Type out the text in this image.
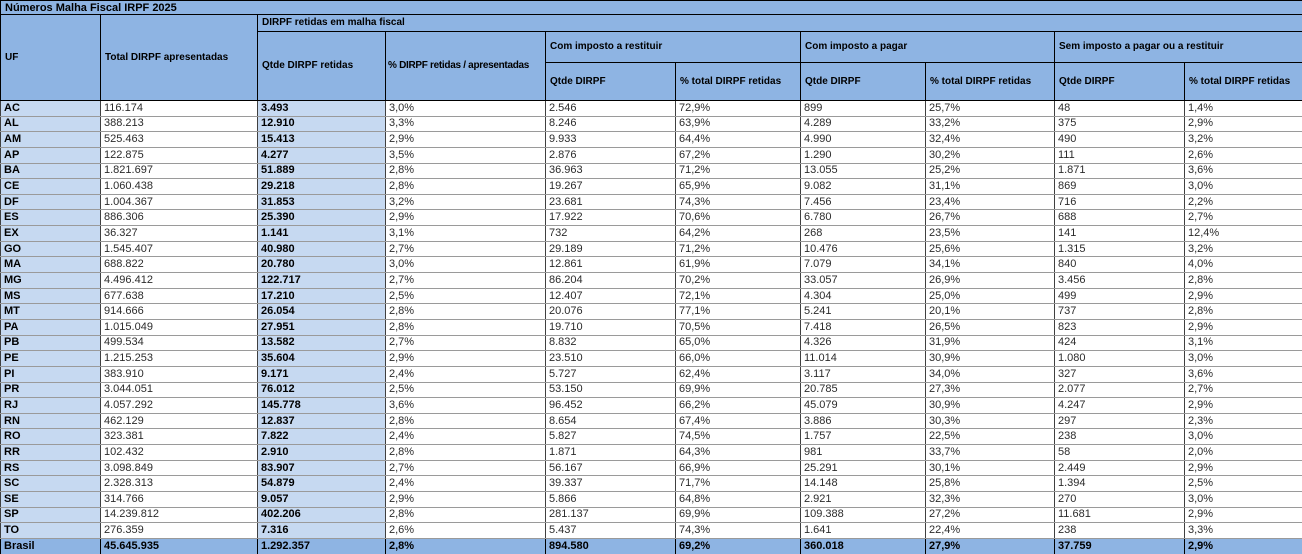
Números Malha Fiscal IRPF 2025									
UF	Total DIRPF apresentadas	DIRPF retidas em malha fiscal							
		Qtde DIRPF retidas	% DIRPF retidas / apresentadas	Com imposto a restituir		Com imposto a pagar		Sem imposto a pagar ou a restituir	
				Qtde DIRPF	% total DIRPF retidas	Qtde DIRPF	% total DIRPF retidas	Qtde DIRPF	% total DIRPF retidas
AC	116.174	3.493	3,0%	2.546	72,9%	899	25,7%	48	1,4%
AL	388.213	12.910	3,3%	8.246	63,9%	4.289	33,2%	375	2,9%
AM	525.463	15.413	2,9%	9.933	64,4%	4.990	32,4%	490	3,2%
AP	122.875	4.277	3,5%	2.876	67,2%	1.290	30,2%	111	2,6%
BA	1.821.697	51.889	2,8%	36.963	71,2%	13.055	25,2%	1.871	3,6%
CE	1.060.438	29.218	2,8%	19.267	65,9%	9.082	31,1%	869	3,0%
DF	1.004.367	31.853	3,2%	23.681	74,3%	7.456	23,4%	716	2,2%
ES	886.306	25.390	2,9%	17.922	70,6%	6.780	26,7%	688	2,7%
EX	36.327	1.141	3,1%	732	64,2%	268	23,5%	141	12,4%
GO	1.545.407	40.980	2,7%	29.189	71,2%	10.476	25,6%	1.315	3,2%
MA	688.822	20.780	3,0%	12.861	61,9%	7.079	34,1%	840	4,0%
MG	4.496.412	122.717	2,7%	86.204	70,2%	33.057	26,9%	3.456	2,8%
MS	677.638	17.210	2,5%	12.407	72,1%	4.304	25,0%	499	2,9%
MT	914.666	26.054	2,8%	20.076	77,1%	5.241	20,1%	737	2,8%
PA	1.015.049	27.951	2,8%	19.710	70,5%	7.418	26,5%	823	2,9%
PB	499.534	13.582	2,7%	8.832	65,0%	4.326	31,9%	424	3,1%
PE	1.215.253	35.604	2,9%	23.510	66,0%	11.014	30,9%	1.080	3,0%
PI	383.910	9.171	2,4%	5.727	62,4%	3.117	34,0%	327	3,6%
PR	3.044.051	76.012	2,5%	53.150	69,9%	20.785	27,3%	2.077	2,7%
RJ	4.057.292	145.778	3,6%	96.452	66,2%	45.079	30,9%	4.247	2,9%
RN	462.129	12.837	2,8%	8.654	67,4%	3.886	30,3%	297	2,3%
RO	323.381	7.822	2,4%	5.827	74,5%	1.757	22,5%	238	3,0%
RR	102.432	2.910	2,8%	1.871	64,3%	981	33,7%	58	2,0%
RS	3.098.849	83.907	2,7%	56.167	66,9%	25.291	30,1%	2.449	2,9%
SC	2.328.313	54.879	2,4%	39.337	71,7%	14.148	25,8%	1.394	2,5%
SE	314.766	9.057	2,9%	5.866	64,8%	2.921	32,3%	270	3,0%
SP	14.239.812	402.206	2,8%	281.137	69,9%	109.388	27,2%	11.681	2,9%
TO	276.359	7.316	2,6%	5.437	74,3%	1.641	22,4%	238	3,3%
Brasil	45.645.935	1.292.357	2,8%	894.580	69,2%	360.018	27,9%	37.759	2,9%
